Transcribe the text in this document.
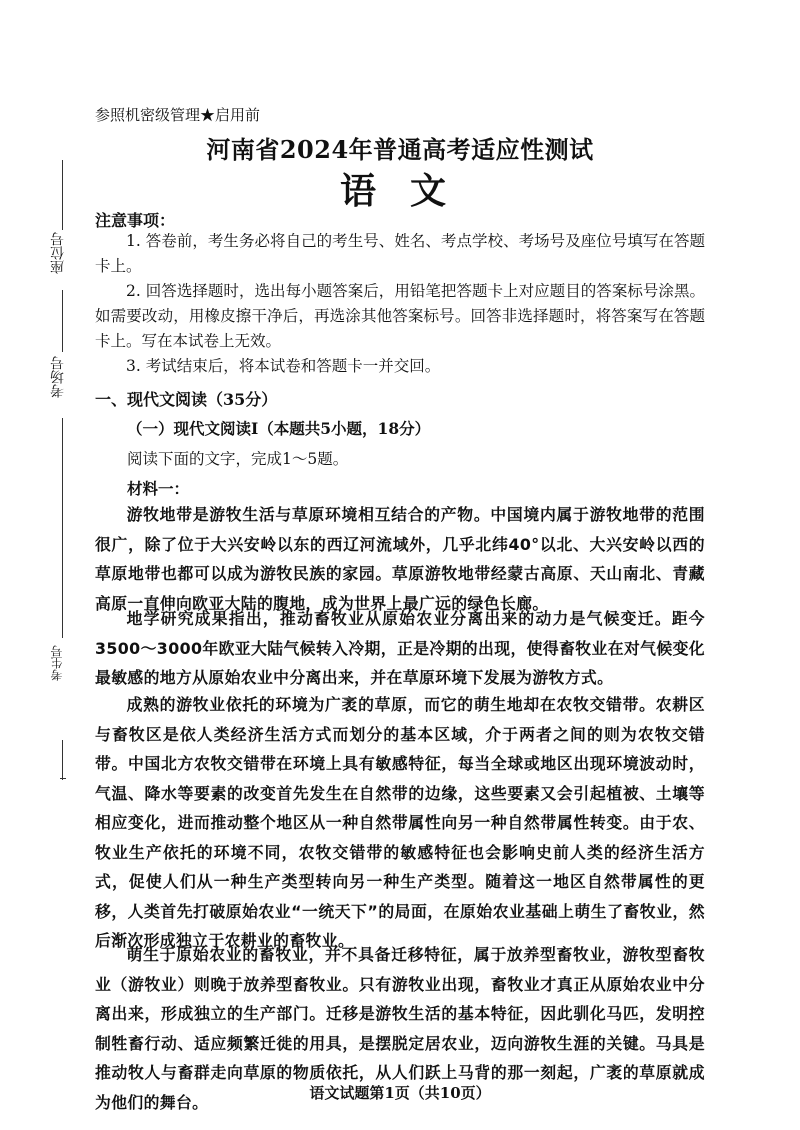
座位号
考场号
考生号
参照机密级管理★启用前
河南省2024年普通高考适应性测试
语文
注意事项：
1. 答卷前，考生务必将自己的考生号、姓名、考点学校、考场号及座位号填写在答题卡上。
2. 回答选择题时，选出每小题答案后，用铅笔把答题卡上对应题目的答案标号涂黑。如需要改动，用橡皮擦干净后，再选涂其他答案标号。回答非选择题时，将答案写在答题卡上。写在本试卷上无效。
3. 考试结束后，将本试卷和答题卡一并交回。
一、现代文阅读（35分）
（一）现代文阅读Ⅰ（本题共5小题，18分）
阅读下面的文字，完成1～5题。
材料一：
游牧地带是游牧生活与草原环境相互结合的产物。中国境内属于游牧地带的范围很广，除了位于大兴安岭以东的西辽河流域外，几乎北纬40°以北、大兴安岭以西的草原地带也都可以成为游牧民族的家园。草原游牧地带经蒙古高原、天山南北、青藏高原一直伸向欧亚大陆的腹地，成为世界上最广远的绿色长廊。
地学研究成果指出，推动畜牧业从原始农业分离出来的动力是气候变迁。距今3500～3000年欧亚大陆气候转入冷期，正是冷期的出现，使得畜牧业在对气候变化最敏感的地方从原始农业中分离出来，并在草原环境下发展为游牧方式。
成熟的游牧业依托的环境为广袤的草原，而它的萌生地却在农牧交错带。农耕区与畜牧区是依人类经济生活方式而划分的基本区域，介于两者之间的则为农牧交错带。中国北方农牧交错带在环境上具有敏感特征，每当全球或地区出现环境波动时，气温、降水等要素的改变首先发生在自然带的边缘，这些要素又会引起植被、土壤等相应变化，进而推动整个地区从一种自然带属性向另一种自然带属性转变。由于农、牧业生产依托的环境不同，农牧交错带的敏感特征也会影响史前人类的经济生活方式，促使人们从一种生产类型转向另一种生产类型。随着这一地区自然带属性的更移，人类首先打破原始农业“一统天下”的局面，在原始农业基础上萌生了畜牧业，然后渐次形成独立于农耕业的畜牧业。
萌生于原始农业的畜牧业，并不具备迁移特征，属于放养型畜牧业，游牧型畜牧业（游牧业）则晚于放养型畜牧业。只有游牧业出现，畜牧业才真正从原始农业中分离出来，形成独立的生产部门。迁移是游牧生活的基本特征，因此驯化马匹，发明控制牲畜行动、适应频繁迁徙的用具，是摆脱定居农业，迈向游牧生涯的关键。马具是推动牧人与畜群走向草原的物质依托，从人们跃上马背的那一刻起，广袤的草原就成为他们的舞台。	语文试题第1页（共10页）
